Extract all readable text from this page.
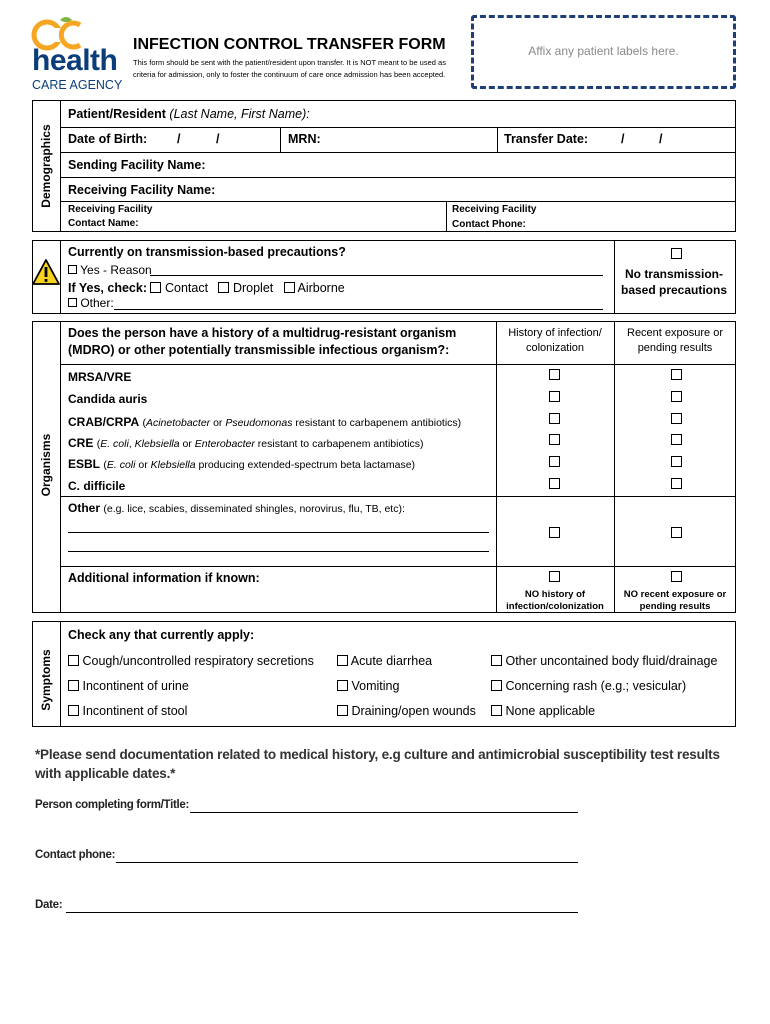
health
CARE AGENCY
INFECTION CONTROL TRANSFER FORM
This form should be sent with the patient/resident upon transfer. It is NOT meant to be used as criteria for admission, only to foster the continuum of care once admission has been accepted.
Affix any patient labels here.
Demographics
Patient/Resident (Last Name, First Name):
Date of Birth: /	/	MRN:	Transfer Date:	/	/
Sending Facility Name:
Receiving Facility Name:
Receiving Facility
Contact Name:
Receiving Facility
Contact Phone:
Currently on transmission-based precautions?
Yes - Reason
If Yes, check: Contact Droplet Airborne
Other:
No transmission-based precautions
Organisms
Does the person have a history of a multidrug-resistant organism (MDRO) or other potentially transmissible infectious organism?:
History of infection/ colonization
Recent exposure or pending results
MRSA/VRE
Candida auris
CRAB/CRPA (Acinetobacter or Pseudomonas resistant to carbapenem antibiotics)
CRE (E. coli, Klebsiella or Enterobacter resistant to carbapenem antibiotics)
ESBL (E. coli or Klebsiella producing extended-spectrum beta lactamase)
C. difficile
Other (e.g. lice, scabies, disseminated shingles, norovirus, flu, TB, etc):
Additional information if known:
NO history of infection/colonization
NO recent exposure or pending results
Symptoms
Check any that currently apply:
Cough/uncontrolled respiratory secretions	Acute diarrhea	Other uncontained body fluid/drainage
Incontinent of urine	Vomiting	Concerning rash (e.g.; vesicular)
Incontinent of stool	Draining/open wounds	None applicable
*Please send documentation related to medical history, e.g culture and antimicrobial susceptibility test results with applicable dates.*
Person completing form/Title:
Contact phone:
Date:
